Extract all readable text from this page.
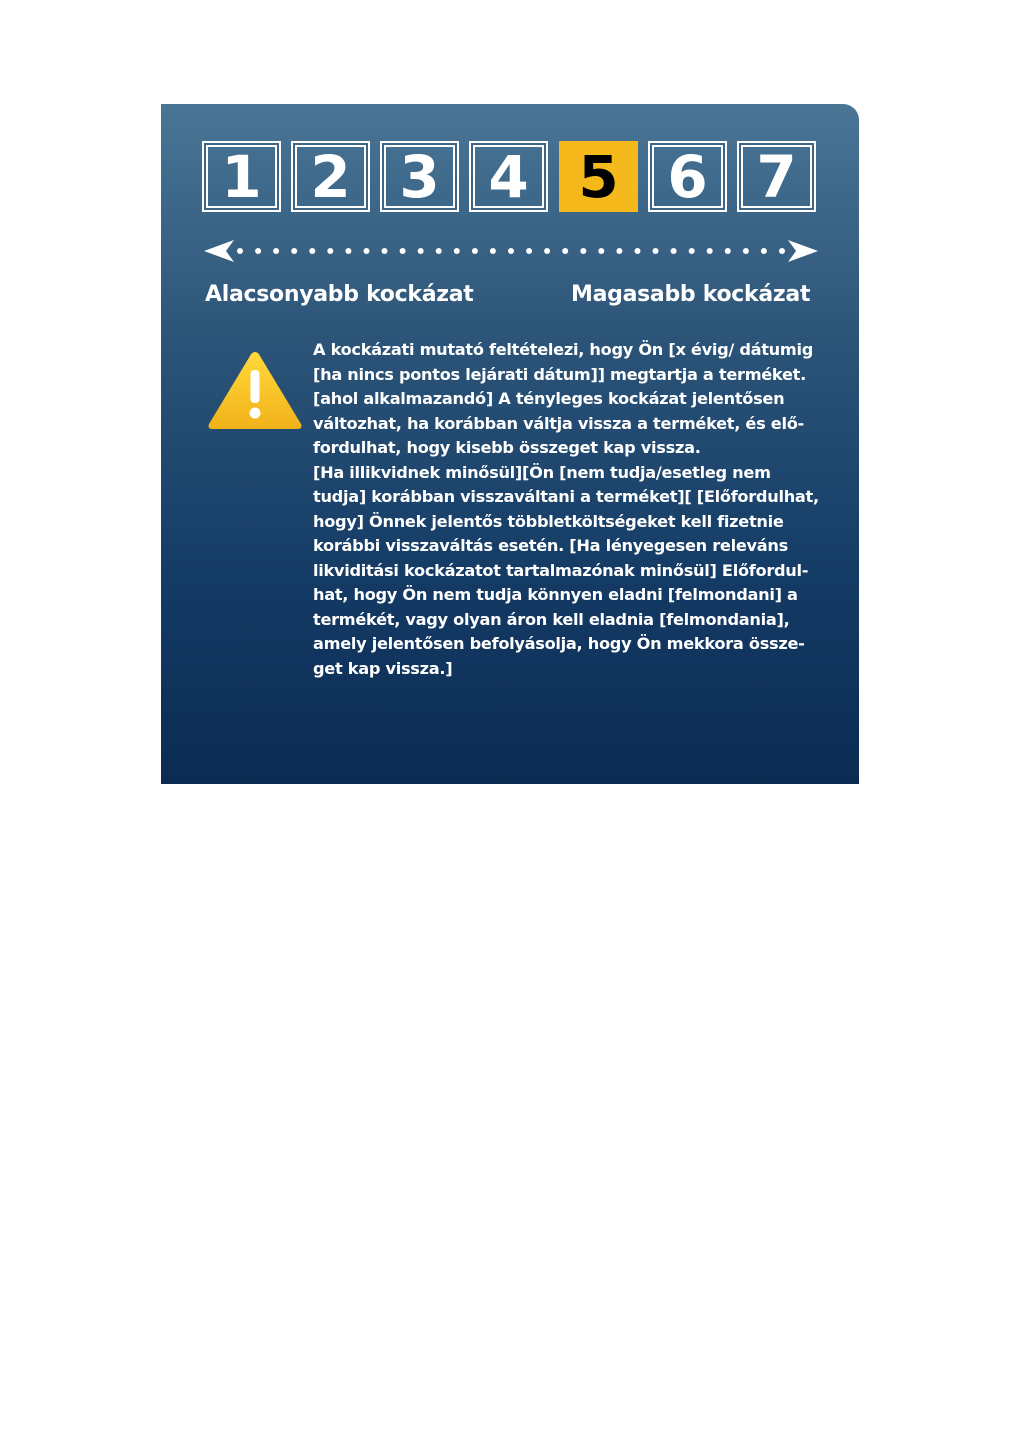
1 2 3 4 5 6 7
Alacsonyabb kockázat	Magasabb kockázat
A kockázati mutató feltételezi, hogy Ön [x évig/ dátumig
[ha nincs pontos lejárati dátum]] megtartja a terméket.
[ahol alkalmazandó] A tényleges kockázat jelentősen
változhat, ha korábban váltja vissza a terméket, és elő-
fordulhat, hogy kisebb összeget kap vissza.
[Ha illikvidnek minősül][Ön [nem tudja/esetleg nem
tudja] korábban visszaváltani a terméket][ [Előfordulhat,
hogy] Önnek jelentős többletköltségeket kell fizetnie
korábbi visszaváltás esetén. [Ha lényegesen releváns
likviditási kockázatot tartalmazónak minősül] Előfordul-
hat, hogy Ön nem tudja könnyen eladni [felmondani] a
termékét, vagy olyan áron kell eladnia [felmondania],
amely jelentősen befolyásolja, hogy Ön mekkora össze-
get kap vissza.]
